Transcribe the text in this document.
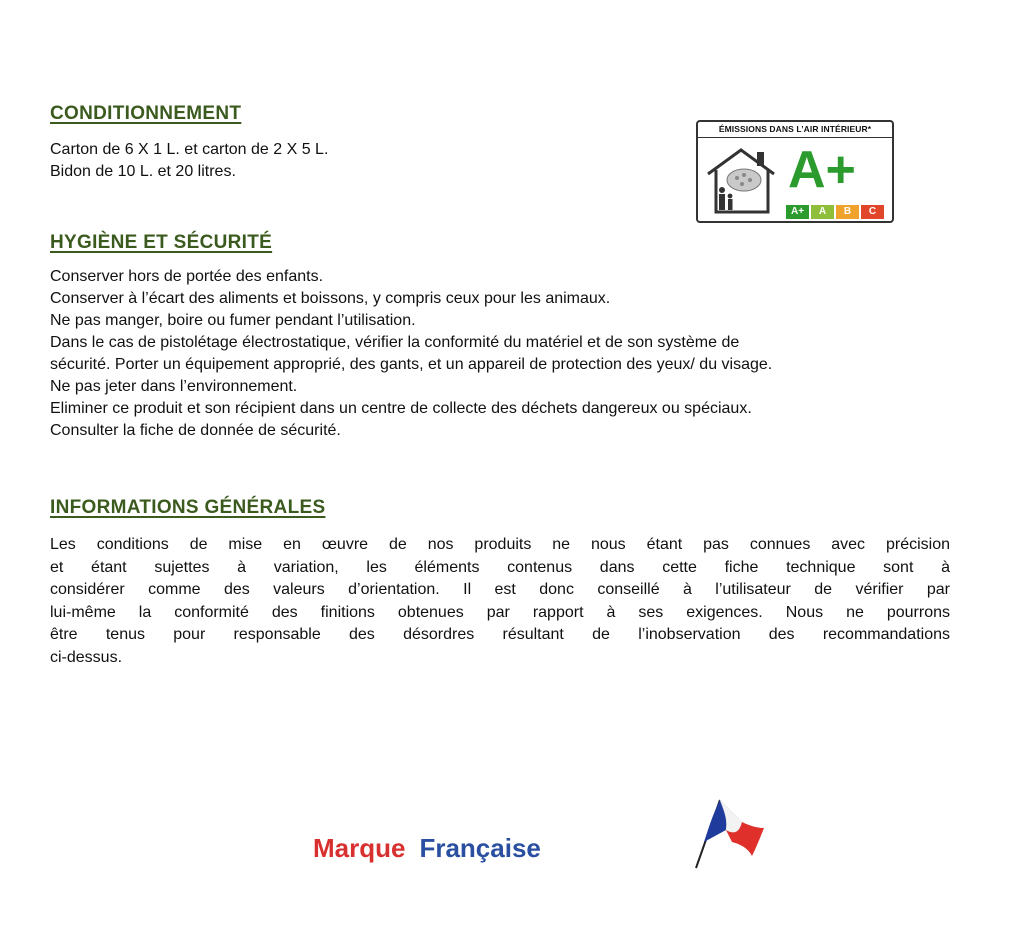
CONDITIONNEMENT
Carton de 6 X 1 L. et carton de 2 X 5 L.
Bidon de 10 L. et 20 litres.
ÉMISSIONS DANS L’AIR INTÉRIEUR*
A+
A+	A	B	C
HYGIÈNE ET SÉCURITÉ
Conserver hors de portée des enfants.
Conserver à l’écart des aliments et boissons, y compris ceux pour les animaux.
Ne pas manger, boire ou fumer pendant l’utilisation.
Dans le cas de pistolétage électrostatique, vérifier la conformité du matériel et de son système de
sécurité. Porter un équipement approprié, des gants, et un appareil de protection des yeux/ du visage.
Ne pas jeter dans l’environnement.
Eliminer ce produit et son récipient dans un centre de collecte des déchets dangereux ou spéciaux.
Consulter la fiche de donnée de sécurité.
INFORMATIONS GÉNÉRALES
Les conditions de mise en œuvre de nos produits ne nous étant pas connues avec précision
et étant sujettes à variation, les éléments contenus dans cette fiche technique sont à
considérer comme des valeurs d’orientation. Il est donc conseillé à l’utilisateur de vérifier par
lui-même la conformité des finitions obtenues par rapport à ses exigences. Nous ne pourrons
être tenus pour responsable des désordres résultant de l’inobservation des recommandations
ci-dessus.
Marque Française
